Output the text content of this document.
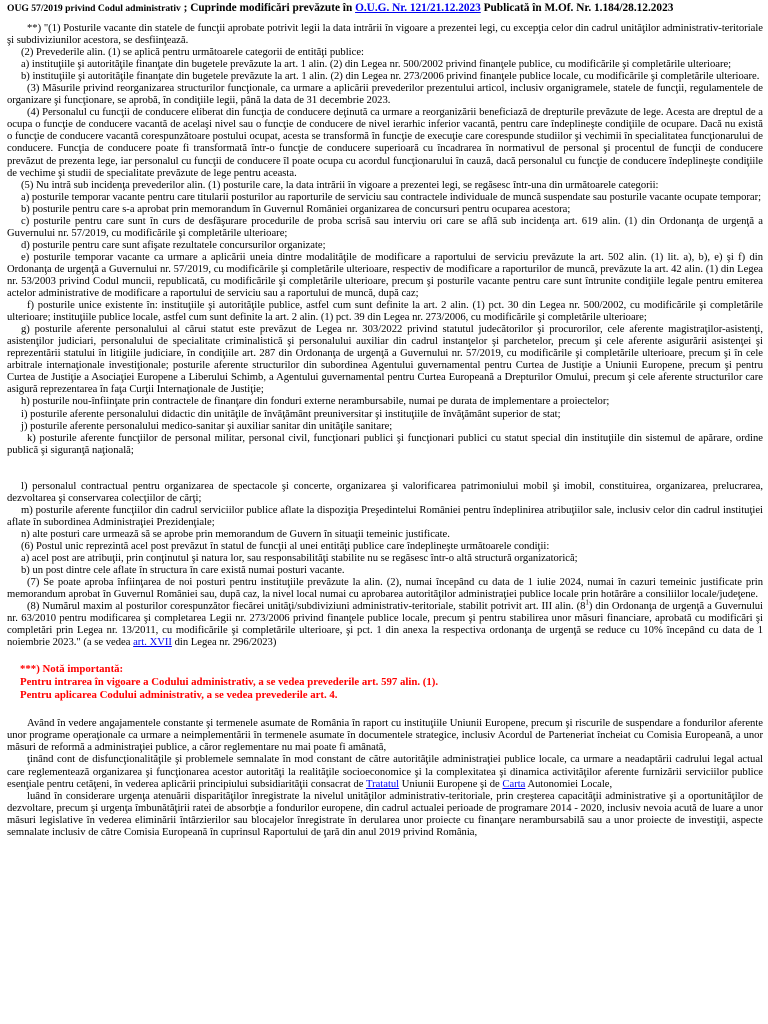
OUG 57/2019 privind Codul administrativ ; Cuprinde modificări prevăzute în O.U.G. Nr. 121/21.12.2023 Publicată în M.Of. Nr. 1.184/28.12.2023

**) "(1) Posturile vacante din statele de funcţii aprobate potrivit legii la data intrării în vigoare a prezentei legi, cu excepţia celor din cadrul unităţilor administrativ-teritoriale şi subdiviziunilor acestora, se desfiinţează.

(2) Prevederile alin. (1) se aplică pentru următoarele categorii de entităţi publice:

a) instituţiile şi autorităţile finanţate din bugetele prevăzute la art. 1 alin. (2) din Legea nr. 500/2002 privind finanţele publice, cu modificările şi completările ulterioare;

b) instituţiile şi autorităţile finanţate din bugetele prevăzute la art. 1 alin. (2) din Legea nr. 273/2006 privind finanţele publice locale, cu modificările şi completările ulterioare.

(3) Măsurile privind reorganizarea structurilor funcţionale, ca urmare a aplicării prevederilor prezentului articol, inclusiv organigramele, statele de funcţii, regulamentele de organizare şi funcţionare, se aprobă, în condiţiile legii, până la data de 31 decembrie 2023.

(4) Personalul cu funcţii de conducere eliberat din funcţia de conducere deţinută ca urmare a reorganizării beneficiază de drepturile prevăzute de lege. Acesta are dreptul de a ocupa o funcţie de conducere vacantă de acelaşi nivel sau o funcţie de conducere de nivel ierarhic inferior vacantă, pentru care îndeplineşte condiţiile de ocupare. Dacă nu există o funcţie de conducere vacantă corespunzătoare postului ocupat, acesta se transformă în funcţie de execuţie care corespunde studiilor şi vechimii în specialitatea funcţionarului de conducere. Funcţia de conducere poate fi transformată într-o funcţie de conducere superioară cu încadrarea în normativul de personal şi procentul de funcţii de conducere prevăzut de prezenta lege, iar personalul cu funcţii de conducere îl poate ocupa cu acordul funcţionarului în cauză, dacă personalul cu funcţie de conducere îndeplineşte condiţiile de vechime şi studii de specialitate prevăzute de lege pentru aceasta.

(5) Nu intră sub incidenţa prevederilor alin. (1) posturile care, la data intrării în vigoare a prezentei legi, se regăsesc într-una din următoarele categorii:

a) posturile temporar vacante pentru care titularii posturilor au raporturile de serviciu sau contractele individuale de muncă suspendate sau posturile vacante ocupate temporar;

b) posturile pentru care s-a aprobat prin memorandum în Guvernul României organizarea de concursuri pentru ocuparea acestora;

c) posturile pentru care sunt în curs de desfăşurare procedurile de proba scrisă sau interviu ori care se află sub incidenţa art. 619 alin. (1) din Ordonanţa de urgenţă a Guvernului nr. 57/2019, cu modificările şi completările ulterioare;

d) posturile pentru care sunt afişate rezultatele concursurilor organizate;

e) posturile temporar vacante ca urmare a aplicării uneia dintre modalităţile de modificare a raportului de serviciu prevăzute la art. 502 alin. (1) lit. a), b), e) şi f) din Ordonanţa de urgenţă a Guvernului nr. 57/2019, cu modificările şi completările ulterioare, respectiv de modificare a raporturilor de muncă, prevăzute la art. 42 alin. (1) din Legea nr. 53/2003 privind Codul muncii, republicată, cu modificările şi completările ulterioare, precum şi posturile vacante pentru care sunt întrunite condiţiile legale pentru emiterea actelor administrative de modificare a raportului de serviciu sau a raportului de muncă, după caz;

f) posturile unice existente în: instituţiile şi autorităţile publice, astfel cum sunt definite la art. 2 alin. (1) pct. 30 din Legea nr. 500/2002, cu modificările şi completările ulterioare; instituţiile publice locale, astfel cum sunt definite la art. 2 alin. (1) pct. 39 din Legea nr. 273/2006, cu modificările şi completările ulterioare;

g) posturile aferente personalului al cărui statut este prevăzut de Legea nr. 303/2022 privind statutul judecătorilor şi procurorilor, cele aferente magistraţilor-asistenţi, asistenţilor judiciari, personalului de specialitate criminalistică şi personalului auxiliar din cadrul instanţelor şi parchetelor, precum şi cele aferente asigurării asistenţei şi reprezentării statului în litigiile judiciare, în condiţiile art. 287 din Ordonanţa de urgenţă a Guvernului nr. 57/2019, cu modificările şi completările ulterioare, precum şi în cele arbitrale internaţionale investiţionale; posturile aferente structurilor din subordinea Agentului guvernamental pentru Curtea de Justiţie a Uniunii Europene, precum şi pentru Curtea de Justiţie a Asociaţiei Europene a Liberului Schimb, a Agentului guvernamental pentru Curtea Europeană a Drepturilor Omului, precum şi cele aferente structurilor care asigură reprezentarea în faţa Curţii Internaţionale de Justiţie;

h) posturile nou-înfiinţate prin contractele de finanţare din fonduri externe nerambursabile, numai pe durata de implementare a proiectelor;

i) posturile aferente personalului didactic din unităţile de învăţământ preuniversitar şi instituţiile de învăţământ superior de stat;

j) posturile aferente personalului medico-sanitar şi auxiliar sanitar din unităţile sanitare;

k) posturile aferente funcţiilor de personal militar, personal civil, funcţionari publici şi funcţionari publici cu statut special din instituţiile din sistemul de apărare, ordine publică şi siguranţă naţională;

l) personalul contractual pentru organizarea de spectacole şi concerte, organizarea şi valorificarea patrimoniului mobil şi imobil, constituirea, organizarea, prelucrarea, dezvoltarea şi conservarea colecţiilor de cărţi;

m) posturile aferente funcţiilor din cadrul serviciilor publice aflate la dispoziţia Preşedintelui României pentru îndeplinirea atribuţiilor sale, inclusiv celor din cadrul instituţiei aflate în subordinea Administraţiei Prezidenţiale;

n) alte posturi care urmează să se aprobe prin memorandum de Guvern în situaţii temeinic justificate.

(6) Postul unic reprezintă acel post prevăzut în statul de funcţii al unei entităţi publice care îndeplineşte următoarele condiţii:

a) acel post are atribuţii, prin conţinutul şi natura lor, sau responsabilităţi stabilite nu se regăsesc într-o altă structură organizatorică;

b) un post dintre cele aflate în structura în care există numai posturi vacante.

(7) Se poate aproba înfiinţarea de noi posturi pentru instituţiile prevăzute la alin. (2), numai începând cu data de 1 iulie 2024, numai în cazuri temeinic justificate prin memorandum aprobat în Guvernul României sau, după caz, la nivel local numai cu aprobarea autorităţilor administraţiei publice locale prin hotărâre a consiliilor locale/judeţene.

(8) Numărul maxim al posturilor corespunzător fiecărei unităţi/subdiviziuni administrativ-teritoriale, stabilit potrivit art. III alin. $(8^1)$ din Ordonanţa de urgenţă a Guvernului nr. 63/2010 pentru modificarea şi completarea Legii nr. 273/2006 privind finanţele publice locale, precum şi pentru stabilirea unor măsuri financiare, aprobată cu modificări şi completări prin Legea nr. 13/2011, cu modificările şi completările ulterioare, şi pct. 1 din anexa la respectiva ordonanţa de urgenţă se reduce cu 10% începând cu data de 1 noiembrie 2023." (a se vedea art. XVII din Legea nr. 296/2023)

***) Notă importantă:
Pentru intrarea în vigoare a Codului administrativ, a se vedea prevederile art. 597 alin. (1).
Pentru aplicarea Codului administrativ, a se vedea prevederile art. 4.

Având în vedere angajamentele constante şi termenele asumate de România în raport cu instituţiile Uniunii Europene, precum şi riscurile de suspendare a fondurilor aferente unor programe operaţionale ca urmare a neimplementării în termenele asumate în documentele strategice, inclusiv Acordul de Parteneriat încheiat cu Comisia Europeană, a unor măsuri de reformă a administraţiei publice, a căror reglementare nu mai poate fi amânată,

ţinând cont de disfuncţionalităţile şi problemele semnalate în mod constant de către autorităţile administraţiei publice locale, ca urmare a neadaptării cadrului legal actual care reglementează organizarea şi funcţionarea acestor autorităţi la realităţile socioeconomice şi la complexitatea şi dinamica activităţilor aferente furnizării serviciilor publice esenţiale pentru cetăţeni, în vederea aplicării principiului subsidiarităţii consacrat de Tratatul Uniunii Europene şi de Carta Autonomiei Locale,

luând în considerare urgenţa atenuării disparităţilor înregistrate la nivelul unităţilor administrativ-teritoriale, prin creşterea capacităţii administrative şi a oportunităţilor de dezvoltare, precum şi urgenţa îmbunătăţirii ratei de absorbţie a fondurilor europene, din cadrul actualei perioade de programare 2014 - 2020, inclusiv nevoia acută de luare a unor măsuri legislative în vederea eliminării întârzierilor sau blocajelor înregistrate în derularea unor proiecte cu finanţare nerambursabilă sau a unor proiecte de investiţii, aspecte semnalate inclusiv de către Comisia Europeană în cuprinsul Raportului de ţară din anul 2019 privind România,
